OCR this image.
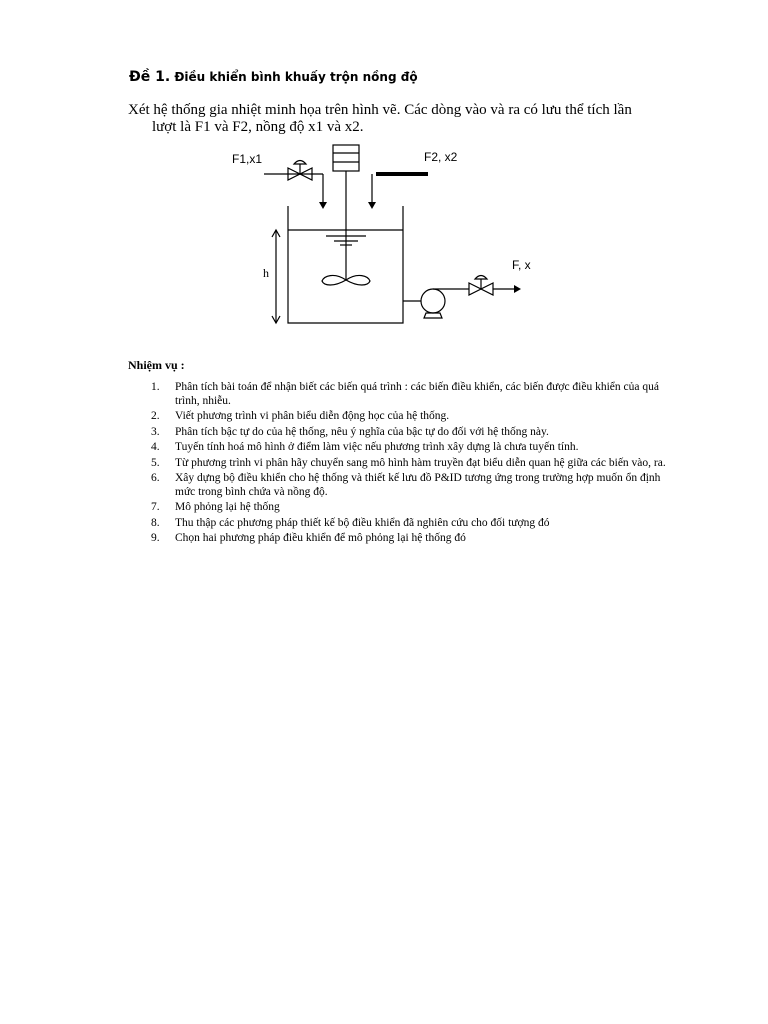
Đề 1. Điều khiển bình khuấy trộn nồng độ
Xét hệ thống gia nhiệt minh họa trên hình vẽ. Các dòng vào và ra có lưu thể tích lần
lượt là F1 và F2, nồng độ x1 và x2.
F1,x1	F2, x2
F, x
h
Nhiệm vụ :
1. Phân tích bài toán để nhận biết các biến quá trình : các biến điều khiển, các biến được điều khiển của quá trình, nhiễu.
2. Viết phương trình vi phân biểu diễn động học của hệ thống.
3. Phân tích bậc tự do của hệ thống, nêu ý nghĩa của bậc tự do đối với hệ thống này.
4. Tuyến tính hoá mô hình ở điểm làm việc nếu phương trình xây dựng là chưa tuyến tính.
5. Từ phương trình vi phân hãy chuyển sang mô hình hàm truyền đạt biểu diễn quan hệ giữa các biến vào, ra.
6. Xây dựng bộ điều khiển cho hệ thống và thiết kế lưu đồ P&ID tương ứng trong trường hợp muốn ổn định mức trong bình chứa và nồng độ.
7. Mô phỏng lại hệ thống
8. Thu thập các phương pháp thiết kế bộ điều khiển đã nghiên cứu cho đối tượng đó
9. Chọn hai phương pháp điều khiển để mô phỏng lại hệ thống đó
